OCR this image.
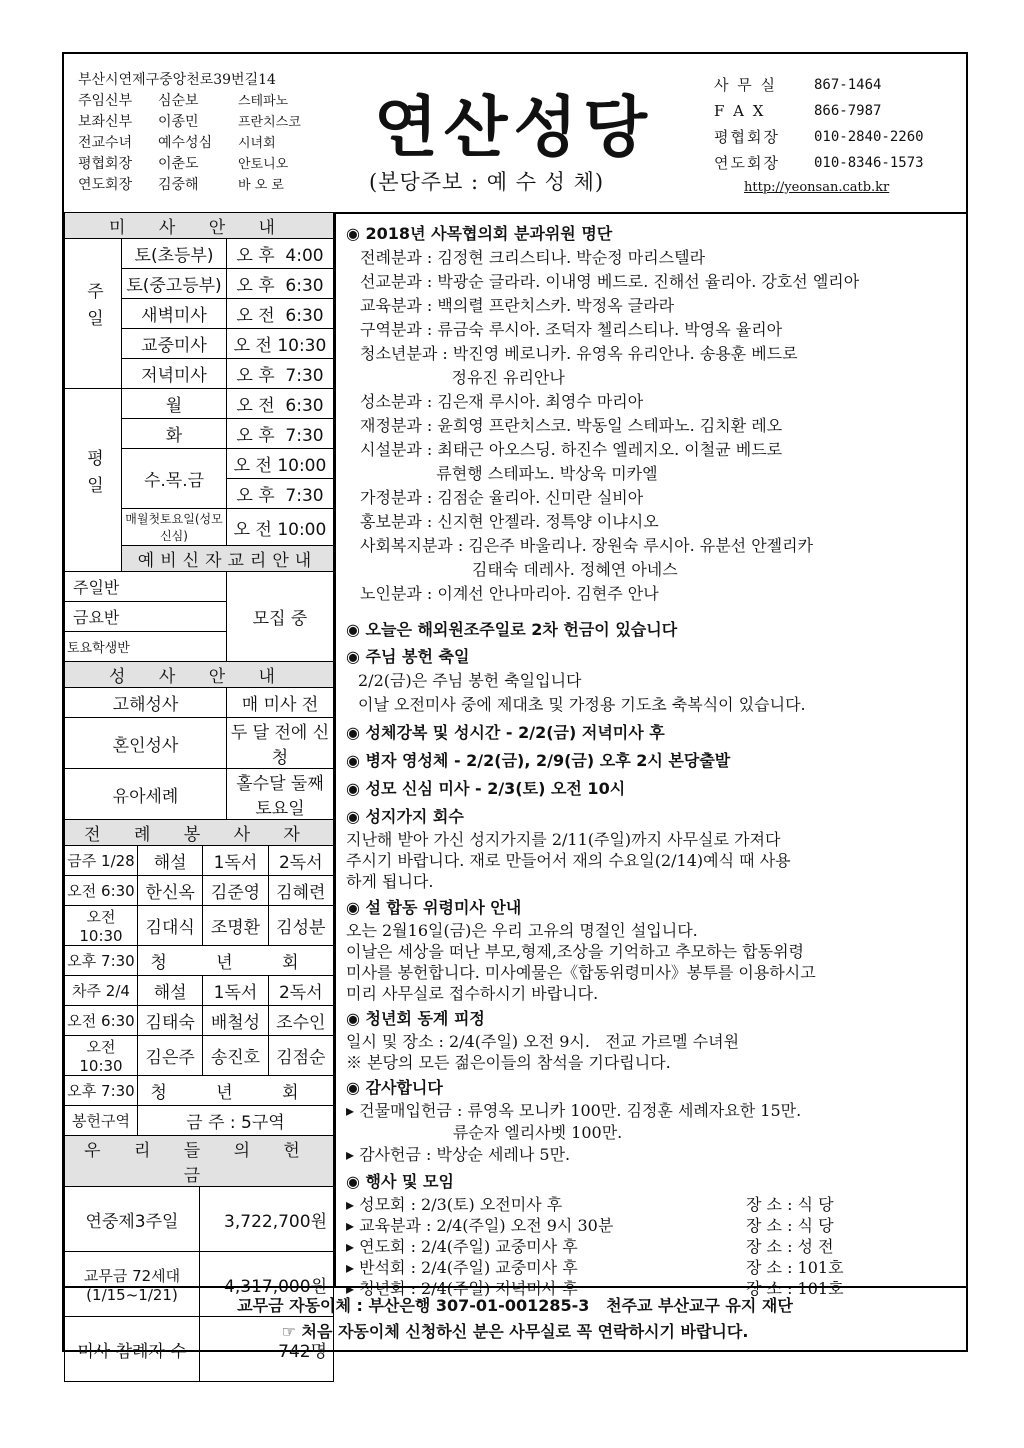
부산시연제구중앙천로39번길14
주임신부	심순보	스테파노
보좌신부	이종민	프란치스코
전교수녀	예수성심	시녀회
평협회장	이춘도	안토니오
연도회장	김중해	바 오 로
연산성당
(본당주보 : 예 수 성 체)
사 무 실	867-1464
F A X	866-7987
평협회장	010-2840-2260
연도회장	010-8346-1573
http://yeonsan.catb.kr
미 사 안 내		
주일	토(초등부)	오 후  4:00
	토(중고등부)	오 후  6:30
	새벽미사	오 전  6:30
	교중미사	오 전 10:30
	저녁미사	오 후  7:30
평일	월	오 전  6:30
	화	오 후  7:30
	수.목.금	오 전 10:00
		오 후  7:30
	매월첫토요일(성모신심)	오 전 10:00
	예비신자교리안내	
주일반		모집 중
금요반		
토요학생반		
성 사 안 내		
고해성사		매 미사 전
혼인성사		두 달 전에 신청
유아세례		홀수달 둘째 토요일
전 례 봉 사 자		
금주 1/28	해설	1독서	2독서
오전 6:30	한신옥	김준영	김혜련
오전10:30	김대식	조명환	김성분
오후 7:30	청 년 회		
차주 2/4	해설	1독서	2독서
오전 6:30	김태숙	배철성	조수인
오전10:30	김은주	송진호	김점순
오후 7:30	청 년 회		
봉헌구역	금 주 : 5구역		
우 리 들 의 헌 금			
연중제3주일	3,722,700원
교무금 72세대 (1/15~1/21)	4,317,000원
미사 참례자 수	742명
◉ 2018년 사목협의회 분과위원 명단
전례분과 : 김정현 크리스티나. 박순정 마리스텔라
선교분과 : 박광순 글라라. 이내영 베드로. 진해선 율리아. 강호선 엘리아
교육분과 : 백의렬 프란치스카. 박정옥 글라라
구역분과 : 류금숙 루시아. 조덕자 첼리스티나. 박영옥 율리아
청소년분과 : 박진영 베로니카. 유영옥 유리안나. 송용훈 베드로
정유진 유리안나
성소분과 : 김은재 루시아. 최영수 마리아
재정분과 : 윤희영 프란치스코. 박동일 스테파노. 김치환 레오
시설분과 : 최태근 아오스딩. 하진수 엘레지오. 이철균 베드로
류현행 스테파노. 박상욱 미카엘
가정분과 : 김점순 율리아. 신미란 실비아
홍보분과 : 신지현 안젤라. 정특양 이냐시오
사회복지분과 : 김은주 바울리나. 장원숙 루시아. 유분선 안젤리카
김태숙 데레사. 정혜연 아네스
노인분과 : 이계선 안나마리아. 김현주 안나
◉ 오늘은 해외원조주일로 2차 헌금이 있습니다
◉ 주님 봉헌 축일
2/2(금)은 주님 봉헌 축일입니다
이날 오전미사 중에 제대초 및 가정용 기도초 축복식이 있습니다.
◉ 성체강복 및 성시간 - 2/2(금) 저녁미사 후
◉ 병자 영성체 - 2/2(금), 2/9(금) 오후 2시 본당출발
◉ 성모 신심 미사 - 2/3(토) 오전 10시
◉ 성지가지 회수
지난해 받아 가신 성지가지를 2/11(주일)까지 사무실로 가져다
주시기 바랍니다. 재로 만들어서 재의 수요일(2/14)예식 때 사용
하게 됩니다.
◉ 설 합동 위령미사 안내
오는 2월16일(금)은 우리 고유의 명절인 설입니다.
이날은 세상을 떠난 부모,형제,조상을 기억하고 추모하는 합동위령
미사를 봉헌합니다. 미사예물은《합동위령미사》봉투를 이용하시고
미리 사무실로 접수하시기 바랍니다.
◉ 청년회 동계 피정
일시 및 장소 : 2/4(주일) 오전 9시.   전교 가르멜 수녀원
※ 본당의 모든 젊은이들의 참석을 기다립니다.
◉ 감사합니다
▸ 건물매입헌금 : 류영옥 모니카 100만. 김정훈 세례자요한 15만.
류순자 엘리사벳 100만.
▸ 감사헌금 : 박상순 세레나 5만.
◉ 행사 및 모임
▸ 성모회 : 2/3(토) 오전미사 후	장 소 : 식 당
▸ 교육분과 : 2/4(주일) 오전 9시 30분	장 소 : 식 당
▸ 연도회 : 2/4(주일) 교중미사 후	장 소 : 성 전
▸ 반석회 : 2/4(주일) 교중미사 후	장 소 : 101호
▸ 청년회 : 2/4(주일) 저녁미사 후	장 소 : 101호
교무금 자동이체 : 부산은행 307-01-001285-3   천주교 부산교구 유지 재단
☞ 처음 자동이체 신청하신 분은 사무실로 꼭 연락하시기 바랍니다.
